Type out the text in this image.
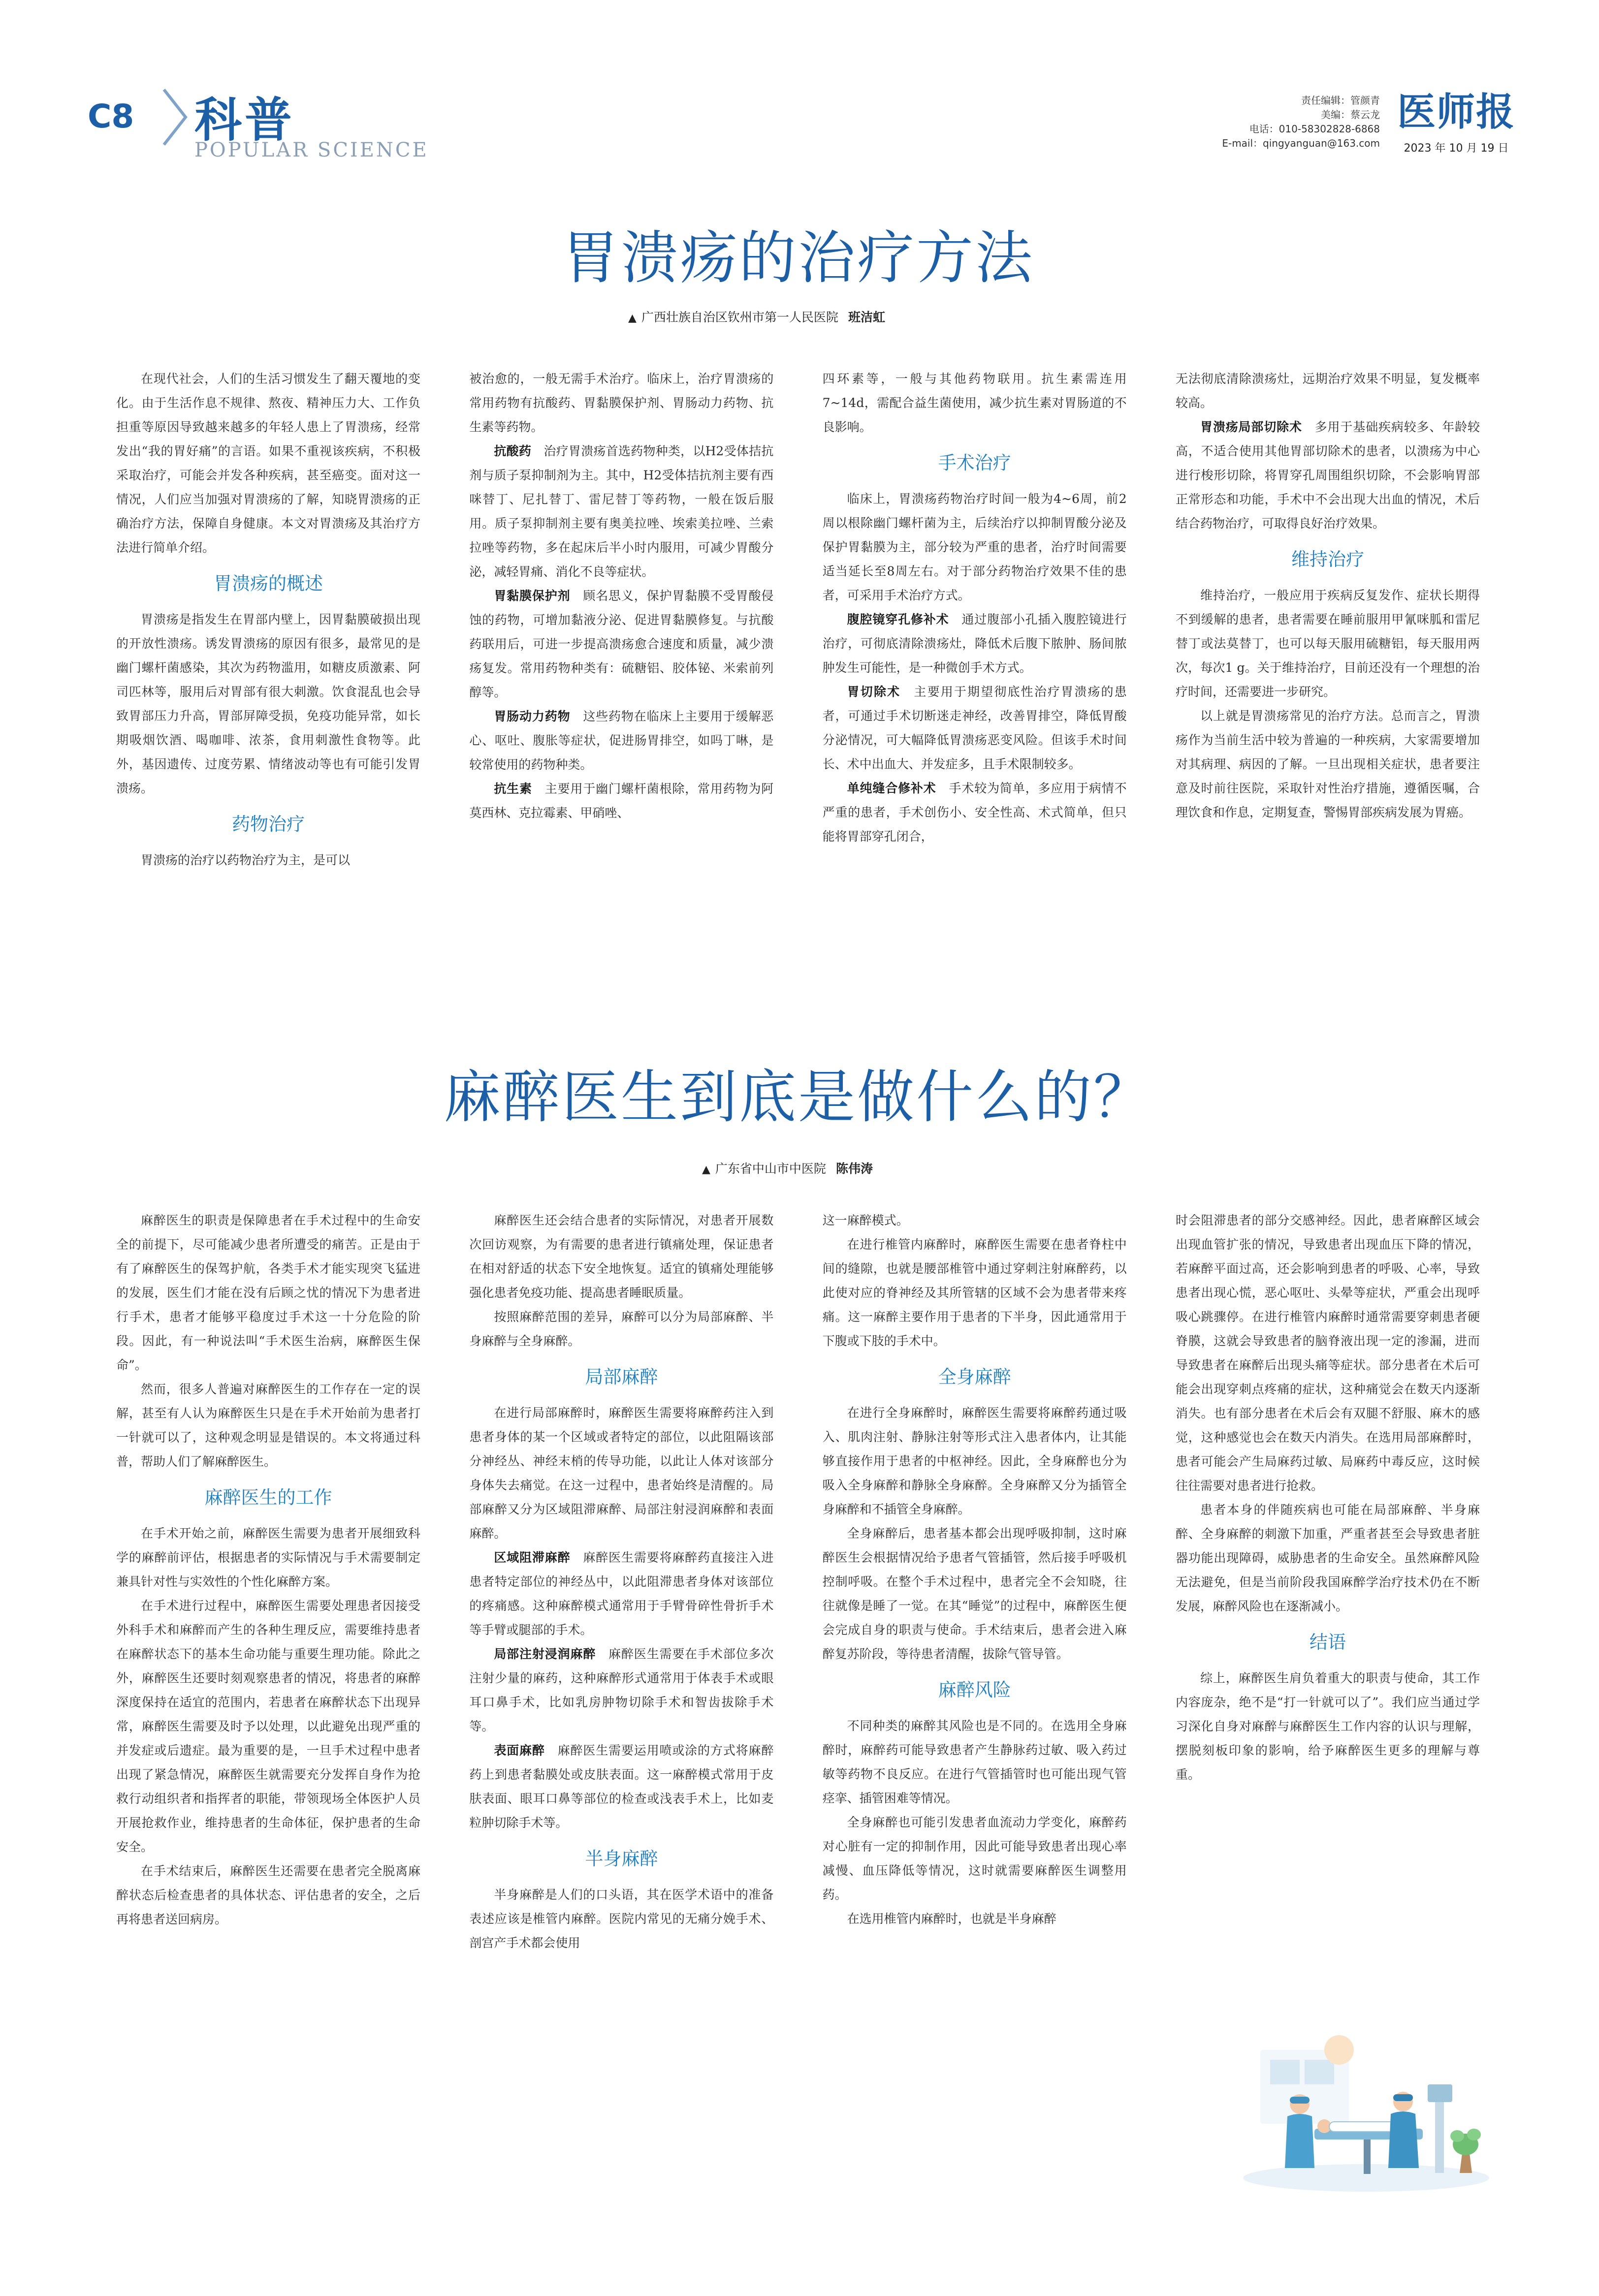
C8 科普
POPULAR SCIENCE
责任编辑：管颜青
美编：蔡云龙
电话：010-58302828-6868
E-mail：qingyanguan@163.com
医师报
2023 年 10 月 19 日
胃溃疡的治疗方法
▲ 广西壮族自治区钦州市第一人民医院 班洁虹

在现代社会，人们的生活习惯发生了翻天覆地的变化。由于生活作息不规律、熬夜、精神压力大、工作负担重等原因导致越来越多的年轻人患上了胃溃疡，经常发出“我的胃好痛”的言语。如果不重视该疾病，不积极采取治疗，可能会并发各种疾病，甚至癌变。面对这一情况，人们应当加强对胃溃疡的了解，知晓胃溃疡的正确治疗方法，保障自身健康。本文对胃溃疡及其治疗方法进行简单介绍。

胃溃疡的概述

胃溃疡是指发生在胃部内壁上，因胃黏膜破损出现的开放性溃疡。诱发胃溃疡的原因有很多，最常见的是幽门螺杆菌感染，其次为药物滥用，如糖皮质激素、阿司匹林等，服用后对胃部有很大刺激。饮食混乱也会导致胃部压力升高，胃部屏障受损，免疫功能异常，如长期吸烟饮酒、喝咖啡、浓茶，食用刺激性食物等。此外，基因遗传、过度劳累、情绪波动等也有可能引发胃溃疡。

药物治疗

胃溃疡的治疗以药物治疗为主，是可以

被治愈的，一般无需手术治疗。临床上，治疗胃溃疡的常用药物有抗酸药、胃黏膜保护剂、胃肠动力药物、抗生素等药物。

抗酸药  治疗胃溃疡首选药物种类，以H2受体拮抗剂与质子泵抑制剂为主。其中，H2受体拮抗剂主要有西咪替丁、尼扎替丁、雷尼替丁等药物，一般在饭后服用。质子泵抑制剂主要有奥美拉唑、埃索美拉唑、兰索拉唑等药物，多在起床后半小时内服用，可减少胃酸分泌，减轻胃痛、消化不良等症状。

胃黏膜保护剂  顾名思义，保护胃黏膜不受胃酸侵蚀的药物，可增加黏液分泌、促进胃黏膜修复。与抗酸药联用后，可进一步提高溃疡愈合速度和质量，减少溃疡复发。常用药物种类有：硫糖铝、胶体铋、米索前列醇等。

胃肠动力药物  这些药物在临床上主要用于缓解恶心、呕吐、腹胀等症状，促进肠胃排空，如吗丁啉，是较常使用的药物种类。

抗生素  主要用于幽门螺杆菌根除，常用药物为阿莫西林、克拉霉素、甲硝唑、

四环素等，一般与其他药物联用。抗生素需连用7~14d，需配合益生菌使用，减少抗生素对胃肠道的不良影响。

手术治疗

临床上，胃溃疡药物治疗时间一般为4~6周，前2周以根除幽门螺杆菌为主，后续治疗以抑制胃酸分泌及保护胃黏膜为主，部分较为严重的患者，治疗时间需要适当延长至8周左右。对于部分药物治疗效果不佳的患者，可采用手术治疗方式。

腹腔镜穿孔修补术  通过腹部小孔插入腹腔镜进行治疗，可彻底清除溃疡灶，降低术后腹下脓肿、肠间脓肿发生可能性，是一种微创手术方式。

胃切除术  主要用于期望彻底性治疗胃溃疡的患者，可通过手术切断迷走神经，改善胃排空，降低胃酸分泌情况，可大幅降低胃溃疡恶变风险。但该手术时间长、术中出血大、并发症多，且手术限制较多。

单纯缝合修补术  手术较为简单，多应用于病情不严重的患者，手术创伤小、安全性高、术式简单，但只能将胃部穿孔闭合，

无法彻底清除溃疡灶，远期治疗效果不明显，复发概率较高。

胃溃疡局部切除术  多用于基础疾病较多、年龄较高，不适合使用其他胃部切除术的患者，以溃疡为中心进行梭形切除，将胃穿孔周围组织切除，不会影响胃部正常形态和功能，手术中不会出现大出血的情况，术后结合药物治疗，可取得良好治疗效果。

维持治疗

维持治疗，一般应用于疾病反复发作、症状长期得不到缓解的患者，患者需要在睡前服用甲氰咪胍和雷尼替丁或法莫替丁，也可以每天服用硫糖铝，每天服用两次，每次1 g。关于维持治疗，目前还没有一个理想的治疗时间，还需要进一步研究。

以上就是胃溃疡常见的治疗方法。总而言之，胃溃疡作为当前生活中较为普遍的一种疾病，大家需要增加对其病理、病因的了解。一旦出现相关症状，患者要注意及时前往医院，采取针对性治疗措施，遵循医嘱，合理饮食和作息，定期复查，警惕胃部疾病发展为胃癌。

麻醉医生到底是做什么的？
▲ 广东省中山市中医院 陈伟涛

麻醉医生的职责是保障患者在手术过程中的生命安全的前提下，尽可能减少患者所遭受的痛苦。正是由于有了麻醉医生的保驾护航，各类手术才能实现突飞猛进的发展，医生们才能在没有后顾之忧的情况下为患者进行手术，患者才能够平稳度过手术这一十分危险的阶段。因此，有一种说法叫“手术医生治病，麻醉医生保命”。

然而，很多人普遍对麻醉医生的工作存在一定的误解，甚至有人认为麻醉医生只是在手术开始前为患者打一针就可以了，这种观念明显是错误的。本文将通过科普，帮助人们了解麻醉医生。

麻醉医生的工作

在手术开始之前，麻醉医生需要为患者开展细致科学的麻醉前评估，根据患者的实际情况与手术需要制定兼具针对性与实效性的个性化麻醉方案。

在手术进行过程中，麻醉医生需要处理患者因接受外科手术和麻醉而产生的各种生理反应，需要维持患者在麻醉状态下的基本生命功能与重要生理功能。除此之外，麻醉医生还要时刻观察患者的情况，将患者的麻醉深度保持在适宜的范围内，若患者在麻醉状态下出现异常，麻醉医生需要及时予以处理，以此避免出现严重的并发症或后遗症。最为重要的是，一旦手术过程中患者出现了紧急情况，麻醉医生就需要充分发挥自身作为抢救行动组织者和指挥者的职能，带领现场全体医护人员开展抢救作业，维持患者的生命体征，保护患者的生命安全。

在手术结束后，麻醉医生还需要在患者完全脱离麻醉状态后检查患者的具体状态、评估患者的安全，之后再将患者送回病房。

麻醉医生还会结合患者的实际情况，对患者开展数次回访观察，为有需要的患者进行镇痛处理，保证患者在相对舒适的状态下安全地恢复。适宜的镇痛处理能够强化患者免疫功能、提高患者睡眠质量。

按照麻醉范围的差异，麻醉可以分为局部麻醉、半身麻醉与全身麻醉。

局部麻醉

在进行局部麻醉时，麻醉医生需要将麻醉药注入到患者身体的某一个区域或者特定的部位，以此阻隔该部分神经丛、神经末梢的传导功能，以此让人体对该部分身体失去痛觉。在这一过程中，患者始终是清醒的。局部麻醉又分为区域阻滞麻醉、局部注射浸润麻醉和表面麻醉。

区域阻滞麻醉  麻醉医生需要将麻醉药直接注入进患者特定部位的神经丛中，以此阻滞患者身体对该部位的疼痛感。这种麻醉模式通常用于手臂骨碎性骨折手术等手臂或腿部的手术。

局部注射浸润麻醉  麻醉医生需要在手术部位多次注射少量的麻药，这种麻醉形式通常用于体表手术或眼耳口鼻手术，比如乳房肿物切除手术和智齿拔除手术等。

表面麻醉  麻醉医生需要运用喷或涂的方式将麻醉药上到患者黏膜处或皮肤表面。这一麻醉模式常用于皮肤表面、眼耳口鼻等部位的检查或浅表手术上，比如麦粒肿切除手术等。

半身麻醉

半身麻醉是人们的口头语，其在医学术语中的准备表述应该是椎管内麻醉。医院内常见的无痛分娩手术、剖宫产手术都会使用

这一麻醉模式。

在进行椎管内麻醉时，麻醉医生需要在患者脊柱中间的缝隙，也就是腰部椎管中通过穿刺注射麻醉药，以此使对应的脊神经及其所管辖的区域不会为患者带来疼痛。这一麻醉主要作用于患者的下半身，因此通常用于下腹或下肢的手术中。

全身麻醉

在进行全身麻醉时，麻醉医生需要将麻醉药通过吸入、肌肉注射、静脉注射等形式注入患者体内，让其能够直接作用于患者的中枢神经。因此，全身麻醉也分为吸入全身麻醉和静脉全身麻醉。全身麻醉又分为插管全身麻醉和不插管全身麻醉。

全身麻醉后，患者基本都会出现呼吸抑制，这时麻醉医生会根据情况给予患者气管插管，然后接手呼吸机控制呼吸。在整个手术过程中，患者完全不会知晓，往往就像是睡了一觉。在其“睡觉”的过程中，麻醉医生便会完成自身的职责与使命。手术结束后，患者会进入麻醉复苏阶段，等待患者清醒，拔除气管导管。

麻醉风险

不同种类的麻醉其风险也是不同的。在选用全身麻醉时，麻醉药可能导致患者产生静脉药过敏、吸入药过敏等药物不良反应。在进行气管插管时也可能出现气管痉挛、插管困难等情况。

全身麻醉也可能引发患者血流动力学变化，麻醉药对心脏有一定的抑制作用，因此可能导致患者出现心率减慢、血压降低等情况，这时就需要麻醉医生调整用药。

在选用椎管内麻醉时，也就是半身麻醉

时会阻滞患者的部分交感神经。因此，患者麻醉区域会出现血管扩张的情况，导致患者出现血压下降的情况，若麻醉平面过高，还会影响到患者的呼吸、心率，导致患者出现心慌，恶心呕吐、头晕等症状，严重会出现呼吸心跳骤停。在进行椎管内麻醉时通常需要穿刺患者硬脊膜，这就会导致患者的脑脊液出现一定的渗漏，进而导致患者在麻醉后出现头痛等症状。部分患者在术后可能会出现穿刺点疼痛的症状，这种痛觉会在数天内逐渐消失。也有部分患者在术后会有双腿不舒服、麻木的感觉，这种感觉也会在数天内消失。在选用局部麻醉时，患者可能会产生局麻药过敏、局麻药中毒反应，这时候往往需要对患者进行抢救。

患者本身的伴随疾病也可能在局部麻醉、半身麻醉、全身麻醉的刺激下加重，严重者甚至会导致患者脏器功能出现障碍，威胁患者的生命安全。虽然麻醉风险无法避免，但是当前阶段我国麻醉学治疗技术仍在不断发展，麻醉风险也在逐渐减小。

结语

综上，麻醉医生肩负着重大的职责与使命，其工作内容庞杂，绝不是“打一针就可以了”。我们应当通过学习深化自身对麻醉与麻醉医生工作内容的认识与理解，摆脱刻板印象的影响，给予麻醉医生更多的理解与尊重。
